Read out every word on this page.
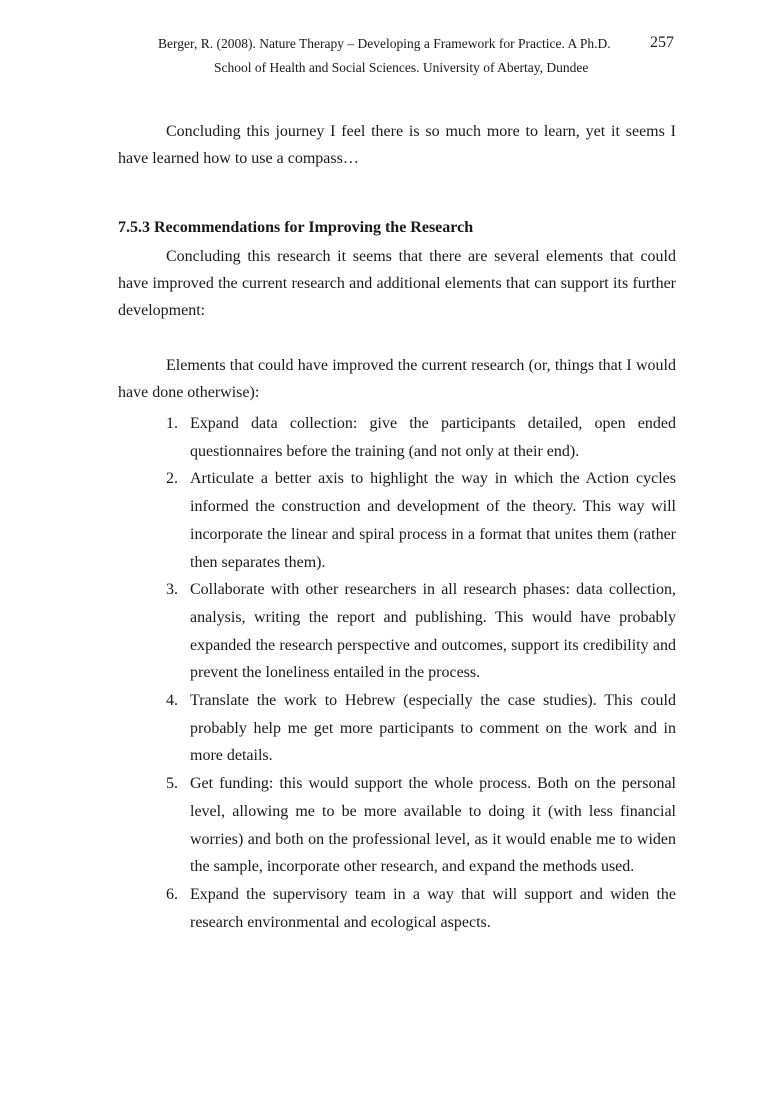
Berger, R. (2008). Nature Therapy – Developing a Framework for Practice. A Ph.D. 257
School of Health and Social Sciences. University of Abertay, Dundee

Concluding this journey I feel there is so much more to learn, yet it seems I have learned how to use a compass…

7.5.3 Recommendations for Improving the Research

Concluding this research it seems that there are several elements that could have improved the current research and additional elements that can support its further development:

Elements that could have improved the current research (or, things that I would have done otherwise):

1. Expand data collection: give the participants detailed, open ended questionnaires before the training (and not only at their end).
2. Articulate a better axis to highlight the way in which the Action cycles informed the construction and development of the theory. This way will incorporate the linear and spiral process in a format that unites them (rather then separates them).
3. Collaborate with other researchers in all research phases: data collection, analysis, writing the report and publishing. This would have probably expanded the research perspective and outcomes, support its credibility and prevent the loneliness entailed in the process.
4. Translate the work to Hebrew (especially the case studies). This could probably help me get more participants to comment on the work and in more details.
5. Get funding: this would support the whole process. Both on the personal level, allowing me to be more available to doing it (with less financial worries) and both on the professional level, as it would enable me to widen the sample, incorporate other research, and expand the methods used.
6. Expand the supervisory team in a way that will support and widen the research environmental and ecological aspects.
